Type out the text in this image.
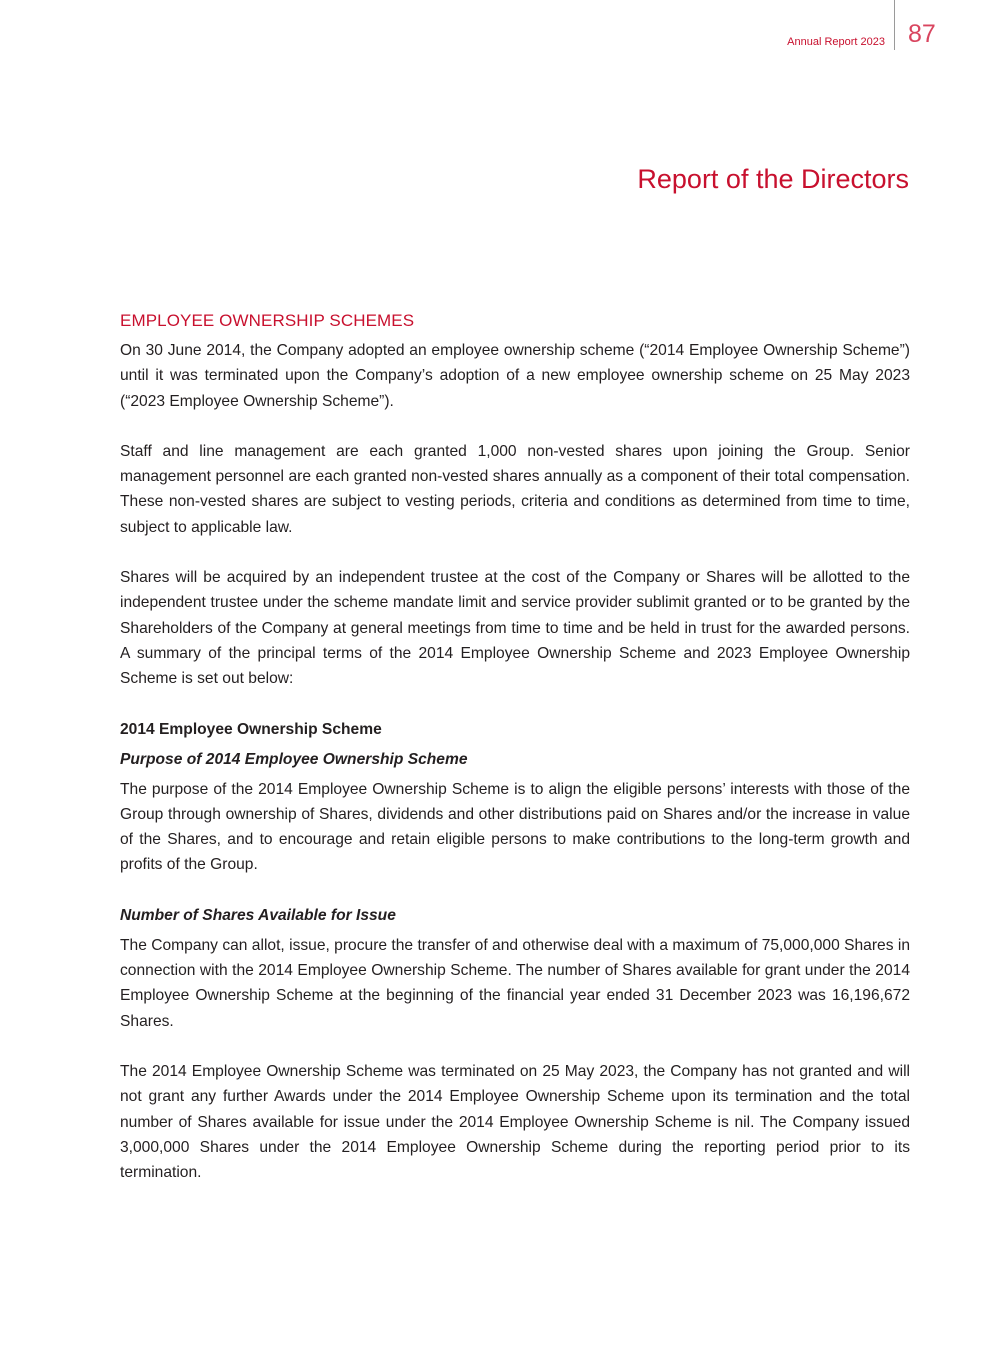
Annual Report 2023 87
Report of the Directors
EMPLOYEE OWNERSHIP SCHEMES

On 30 June 2014, the Company adopted an employee ownership scheme (“2014 Employee Ownership Scheme”) until it was terminated upon the Company’s adoption of a new employee ownership scheme on 25 May 2023 (“2023 Employee Ownership Scheme”).

Staff and line management are each granted 1,000 non-vested shares upon joining the Group. Senior management personnel are each granted non-vested shares annually as a component of their total compensation. These non-vested shares are subject to vesting periods, criteria and conditions as determined from time to time, subject to applicable law.

Shares will be acquired by an independent trustee at the cost of the Company or Shares will be allotted to the independent trustee under the scheme mandate limit and service provider sublimit granted or to be granted by the Shareholders of the Company at general meetings from time to time and be held in trust for the awarded persons. A summary of the principal terms of the 2014 Employee Ownership Scheme and 2023 Employee Ownership Scheme is set out below:

2014 Employee Ownership Scheme
Purpose of 2014 Employee Ownership Scheme

The purpose of the 2014 Employee Ownership Scheme is to align the eligible persons’ interests with those of the Group through ownership of Shares, dividends and other distributions paid on Shares and/or the increase in value of the Shares, and to encourage and retain eligible persons to make contributions to the long-term growth and profits of the Group.

Number of Shares Available for Issue

The Company can allot, issue, procure the transfer of and otherwise deal with a maximum of 75,000,000 Shares in connection with the 2014 Employee Ownership Scheme. The number of Shares available for grant under the 2014 Employee Ownership Scheme at the beginning of the financial year ended 31 December 2023 was 16,196,672 Shares.

The 2014 Employee Ownership Scheme was terminated on 25 May 2023, the Company has not granted and will not grant any further Awards under the 2014 Employee Ownership Scheme upon its termination and the total number of Shares available for issue under the 2014 Employee Ownership Scheme is nil. The Company issued 3,000,000 Shares under the 2014 Employee Ownership Scheme during the reporting period prior to its termination.
